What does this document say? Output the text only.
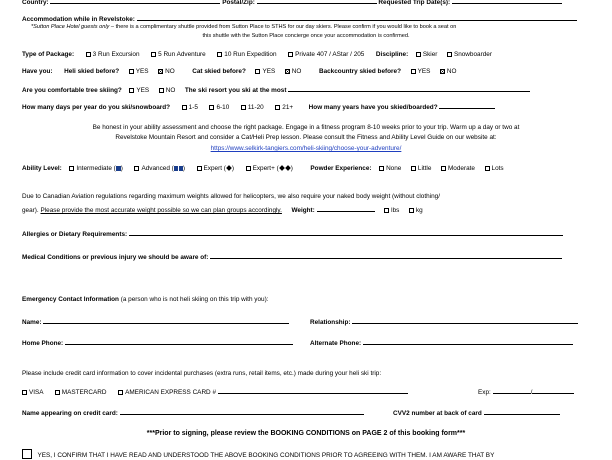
Country:	Postal/Zip:	Requested Trip Date(s):
Accommodation while in Revelstoke:
*Sutton Place Hotel guests only – there is a complimentary shuttle provided from Sutton Place to STHS for our day skiers. Please confirm if you would like to book a seat on
this shuttle with the Sutton Place concierge once your accommodation is confirmed.
Type of Package:	3 Run Excursion	5 Run Adventure	10 Run Expedition	Private 407 / AStar / 205 Discipline: Skier	Snowboarder
Have you: Heli skied before?	YES	NO	Cat skied before?	YES	NO	Backcountry skied before?	YES	NO
Are you comfortable tree skiing? YES	NO The ski resort you ski at the most
How many days per year do you ski/snowboard?	1-5	6-10	11-20	21+ How many years have you skied/boarded?
Be honest in your ability assessment and choose the right package. Engage in a fitness program 8-10 weeks prior to your trip. Warm up a day or two at
Revelstoke Mountain Resort and consider a Cat/Heli Prep lesson. Please consult the Fitness and Ability Level Guide on our website at:
https://www.selkirk-tangiers.com/heli-skiing/choose-your-adventure/
Ability Level: Intermediate ( )	Advanced ( )	Expert ( )	Expert+ ( )	Powder Experience: None	Little	Moderate	Lots
Due to Canadian Aviation regulations regarding maximum weights allowed for helicopters, we also require your naked body weight (without clothing/
gear). Please provide the most accurate weight possible so we can plan groups accordingly. Weight:	lbs	kg
Allergies or Dietary Requirements:
Medical Conditions or previous injury we should be aware of:
Emergency Contact Information (a person who is not heli skiing on this trip with you):
Name:	Relationship:
Home Phone:	Alternate Phone:
Please include credit card information to cover incidental purchases (extra runs, retail items, etc.) made during your heli ski trip:
VISA	MASTERCARD	AMERICAN EXPRESS CARD #	Exp:	/
Name appearing on credit card:	CVV2 number at back of card
***Prior to signing, please review the BOOKING CONDITIONS on PAGE 2 of this booking form***
YES, I CONFIRM THAT I HAVE READ AND UNDERSTOOD THE ABOVE BOOKING CONDITIONS PRIOR TO AGREEING WITH THEM. I AM AWARE THAT BY
